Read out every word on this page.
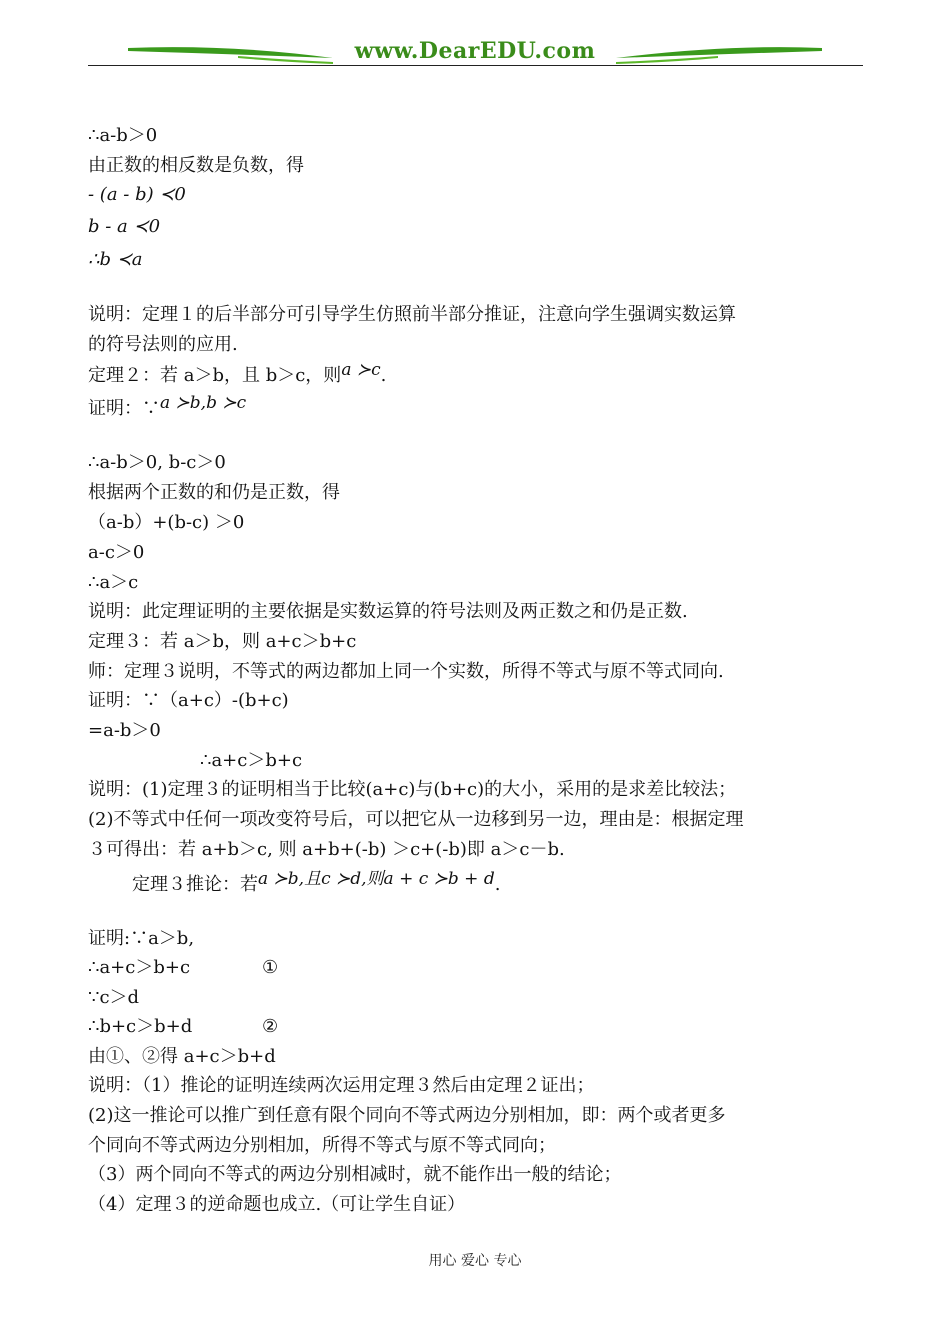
www.DearEDU.com
∴a-b＞0
由正数的相反数是负数，得
- (a - b) ≺0
b - a ≺0
∴b ≺a
说明：定理１的后半部分可引导学生仿照前半部分推证，注意向学生强调实数运算
的符号法则的应用.
定理２：若 a＞b，且 b＞c，则a ≻c.
证明：∵a ≻b,b ≻c
∴a-b＞0, b-c＞0
根据两个正数的和仍是正数，得
（a-b）+(b-c) ＞0
a-c＞0
∴a＞c
说明：此定理证明的主要依据是实数运算的符号法则及两正数之和仍是正数.
定理３：若 a＞b，则 a+c＞b+c
师：定理３说明，不等式的两边都加上同一个实数，所得不等式与原不等式同向.
证明：∵（a+c）-(b+c)
=a-b＞0
∴a+c＞b+c
说明：(1)定理３的证明相当于比较(a+c)与(b+c)的大小，采用的是求差比较法；
(2)不等式中任何一项改变符号后，可以把它从一边移到另一边，理由是：根据定理
３可得出：若 a+b＞c, 则 a+b+(-b) ＞c+(-b)即 a＞c－b.
定理３推论：若a ≻b,且c ≻d,则a + c ≻b + d.
证明:∵a＞b,
∴a+c＞b+c	①
∵c＞d
∴b+c＞b+d	②
由①、②得 a+c＞b+d
说明：（1）推论的证明连续两次运用定理３然后由定理２证出；
(2)这一推论可以推广到任意有限个同向不等式两边分别相加，即：两个或者更多
个同向不等式两边分别相加，所得不等式与原不等式同向；
（3）两个同向不等式的两边分别相减时，就不能作出一般的结论；
（4）定理３的逆命题也成立.（可让学生自证）
用心 爱心 专心
